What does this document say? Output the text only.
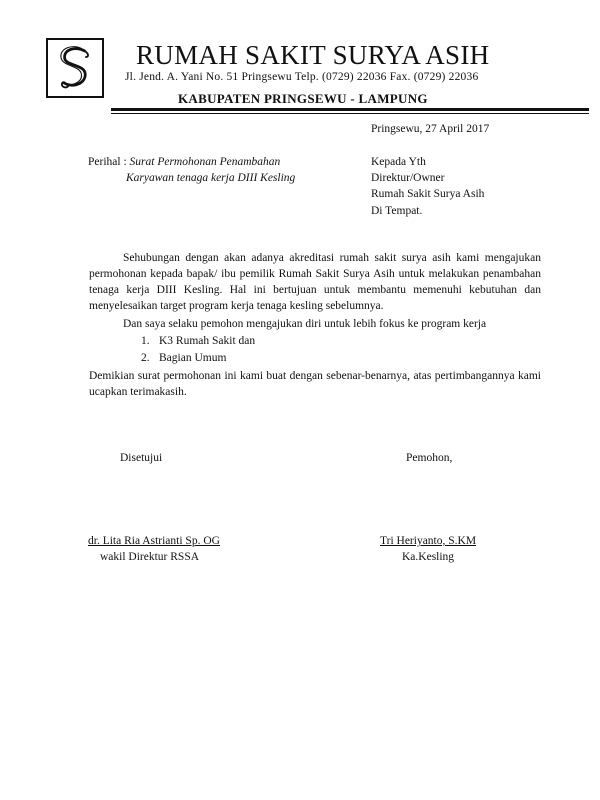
RUMAH SAKIT SURYA ASIH
Jl. Jend. A. Yani No. 51 Pringsewu Telp. (0729) 22036 Fax. (0729) 22036
KABUPATEN PRINGSEWU - LAMPUNG
Pringsewu, 27 April 2017
Perihal : Surat Permohonan Penambahan
Karyawan tenaga kerja DIII Kesling
Kepada Yth
Direktur/Owner
Rumah Sakit Surya Asih
Di Tempat.
Sehubungan dengan akan adanya akreditasi rumah sakit surya asih kami mengajukan permohonan kepada bapak/ ibu pemilik Rumah Sakit Surya Asih untuk melakukan penambahan tenaga kerja DIII Kesling. Hal ini bertujuan untuk membantu memenuhi kebutuhan dan menyelesaikan target program kerja tenaga kesling sebelumnya.
Dan saya selaku pemohon mengajukan diri untuk lebih fokus ke program kerja
1. K3 Rumah Sakit dan
2. Bagian Umum
Demikian surat permohonan ini kami buat dengan sebenar-benarnya, atas pertimbangannya kami ucapkan terimakasih.
Disetujui	Pemohon,
dr. Lita Ria Astrianti Sp. OG
wakil Direktur RSSA
Tri Heriyanto, S.KM
Ka.Kesling
